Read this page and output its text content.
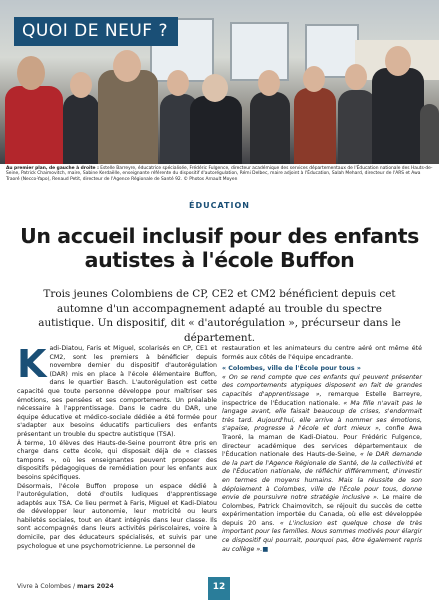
QUOI DE NEUF ?
Au premier plan, de gauche à droite : Estelle Barreyre, éducatrice spécialisée, Frédéric Fulgence, directeur académique des services départementaux de l'Éducation nationale des Hauts-de-Seine, Patrick Chaimovitch, maire, Sabine Kerdaëlle, enseignante référente du dispositif d'autorégulation, Rémi Delbec, maire adjoint à l'Éducation, Salah Mehard, directeur de l'ARS et Awa Traoré (Necco-Yapo), Renaud Petit, directeur de l'Agence Régionale de Santé 92. © Photos Arnault Moyen
ÉDUCATION
Un accueil inclusif pour des enfants autistes à l'école Buffon
Trois jeunes Colombiens de CP, CE2 et CM2 bénéficient depuis cet automne d'un accompagnement adapté au trouble du spectre autistique. Un dispositif, dit « d'autorégulation », précurseur dans le département.
K adi-Diatou, Faris et Miguel, scolarisés en CP, CE1 et CM2, sont les premiers à bénéficier depuis novembre dernier du dispositif d'autorégulation (DAR) mis en place à l'école élémentaire Buffon, dans le quartier Basch. L'autorégulation est cette capacité que toute personne développe pour maîtriser ses émotions, ses pensées et ses comportements. Un préalable nécessaire à l'apprentissage. Dans le cadre du DAR, une équipe éducative et médico-sociale dédiée a été formée pour s'adapter aux besoins éducatifs particuliers des enfants présentant un trouble du spectre autistique (TSA).

À terme, 10 élèves des Hauts-de-Seine pourront être pris en charge dans cette école, qui disposait déjà de « classes tampons », où les enseignantes peuvent proposer des dispositifs pédagogiques de remédiation pour les enfants aux besoins spécifiques.

Désormais, l'école Buffon propose un espace dédié à l'autorégulation, doté d'outils ludiques d'apprentissage adaptés aux TSA. Ce lieu permet à Faris, Miguel et Kadi-Diatou de développer leur autonomie, leur motricité ou leurs habiletés sociales, tout en étant intégrés dans leur classe. Ils sont accompagnés dans leurs activités périscolaires, voire à domicile, par des éducateurs spécialisés, et suivis par une psychologue et une psychomotricienne. Le personnel de

restauration et les animateurs du centre aéré ont même été formés aux côtés de l'équipe encadrante.

« Colombes, ville de l'École pour tous »

« On se rend compte que ces enfants qui peuvent présenter des comportements atypiques disposent en fait de grandes capacités d'apprentissage », remarque Estelle Barreyre, inspectrice de l'Éducation nationale. « Ma fille n'avait pas le langage avant, elle faisait beaucoup de crises, s'endormait très tard. Aujourd'hui, elle arrive à nommer ses émotions, s'apaise, progresse à l'école et dort mieux », confie Awa Traoré, la maman de Kadi-Diatou. Pour Frédéric Fulgence, directeur académique des services départementaux de l'Éducation nationale des Hauts-de-Seine, « le DAR demande de la part de l'Agence Régionale de Santé, de la collectivité et de l'Éducation nationale, de réfléchir différemment, d'investir en termes de moyens humains. Mais la réussite de son déploiement à Colombes, ville de l'École pour tous, donne envie de poursuivre notre stratégie inclusive ». Le maire de Colombes, Patrick Chaimovitch, se réjouit du succès de cette expérimentation importée du Canada, où elle est développée depuis 20 ans. « L'inclusion est quelque chose de très important pour les familles. Nous sommes motivés pour élargir ce dispositif qui pourrait, pourquoi pas, être également repris au collège ».■

Vivre à Colombes / mars 2024	12
